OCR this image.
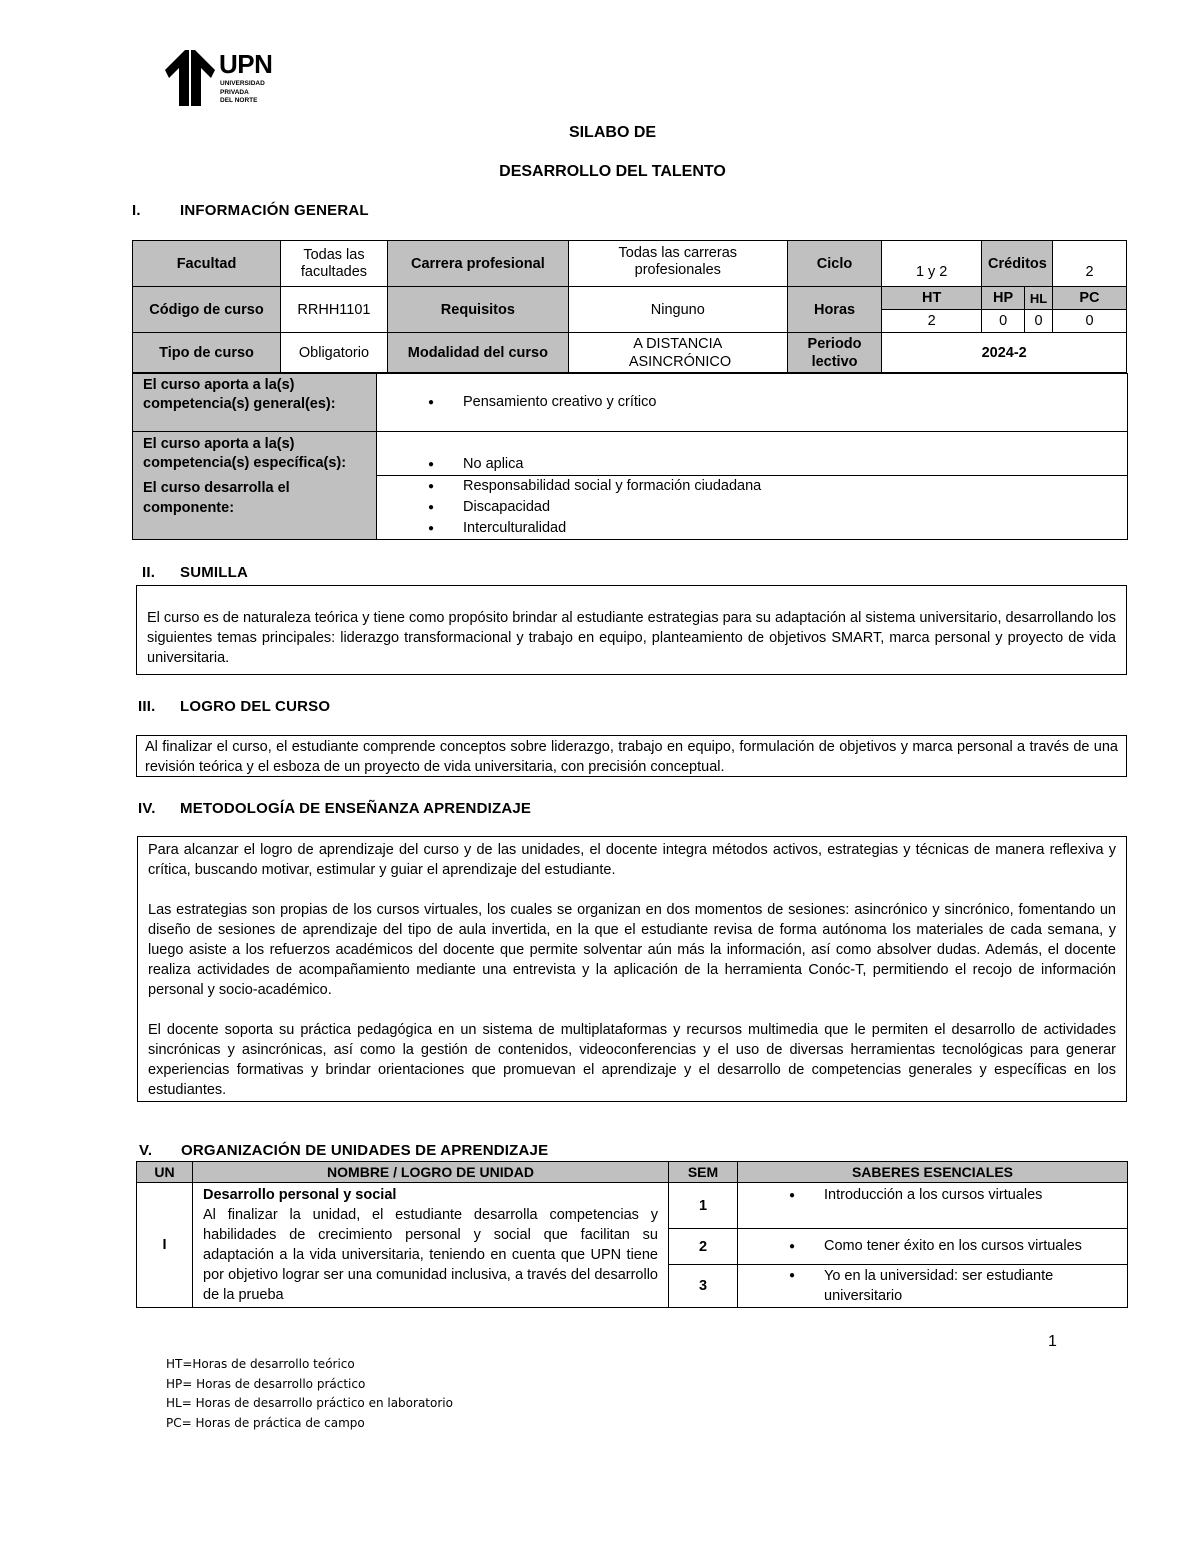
UPN
UNIVERSIDAD
PRIVADA
DEL NORTE
SILABO DE
DESARROLLO DEL TALENTO
I.	INFORMACIÓN GENERAL
Facultad	Todas las facultades	Carrera profesional	Todas las carreras profesionales	Ciclo	1 y 2	Créditos		2
Código de curso	RRHH1101	Requisitos	Ninguno	Horas	HT	HP	HL	PC
					2	0	0	0
Tipo de curso	Obligatorio	Modalidad del curso	A DISTANCIA ASINCRÓNICO	Periodo lectivo	2024-2			
El curso aporta a la(s) competencia(s) general(es):	● Pensamiento creativo y crítico

El curso aporta a la(s) competencia(s) específica(s):	● No aplica

El curso desarrolla el componente:	● Responsabilidad social y formación ciudadana
● Discapacidad
● Interculturalidad
II. SUMILLA
El curso es de naturaleza teórica y tiene como propósito brindar al estudiante estrategias para su adaptación al sistema universitario, desarrollando los siguientes temas principales: liderazgo transformacional y trabajo en equipo, planteamiento de objetivos SMART, marca personal y proyecto de vida universitaria.
III. LOGRO DEL CURSO
Al finalizar el curso, el estudiante comprende conceptos sobre liderazgo, trabajo en equipo, formulación de objetivos y marca personal a través de una revisión teórica y el esboza de un proyecto de vida universitaria, con precisión conceptual.
IV. METODOLOGÍA DE ENSEÑANZA APRENDIZAJE

Para alcanzar el logro de aprendizaje del curso y de las unidades, el docente integra métodos activos, estrategias y técnicas de manera reflexiva y crítica, buscando motivar, estimular y guiar el aprendizaje del estudiante.

Las estrategias son propias de los cursos virtuales, los cuales se organizan en dos momentos de sesiones: asincrónico y sincrónico, fomentando un diseño de sesiones de aprendizaje del tipo de aula invertida, en la que el estudiante revisa de forma autónoma los materiales de cada semana, y luego asiste a los refuerzos académicos del docente que permite solventar aún más la información, así como absolver dudas. Además, el docente realiza actividades de acompañamiento mediante una entrevista y la aplicación de la herramienta Conóc-T, permitiendo el recojo de información personal y socio-académico.

El docente soporta su práctica pedagógica en un sistema de multiplataformas y recursos multimedia que le permiten el desarrollo de actividades sincrónicas y asincrónicas, así como la gestión de contenidos, videoconferencias y el uso de diversas herramientas tecnológicas para generar experiencias formativas y brindar orientaciones que promuevan el aprendizaje y el desarrollo de competencias generales y específicas en los estudiantes.

V. ORGANIZACIÓN DE UNIDADES DE APRENDIZAJE
UN	NOMBRE / LOGRO DE UNIDAD	SEM	SABERES ESENCIALES
I	Desarrollo personal y social
Al finalizar la unidad, el estudiante desarrolla competencias y habilidades de crecimiento personal y social que facilitan su adaptación a la vida universitaria, teniendo en cuenta que UPN tiene por objetivo lograr ser una comunidad inclusiva, a través del desarrollo de la prueba	1	● Introducción a los cursos virtuales

		2	● Como tener éxito en los cursos virtuales

		3	● Yo en la universidad: ser estudiante universitario
1
HT=Horas de desarrollo teórico
HP= Horas de desarrollo práctico
HL= Horas de desarrollo práctico en laboratorio
PC= Horas de práctica de campo
